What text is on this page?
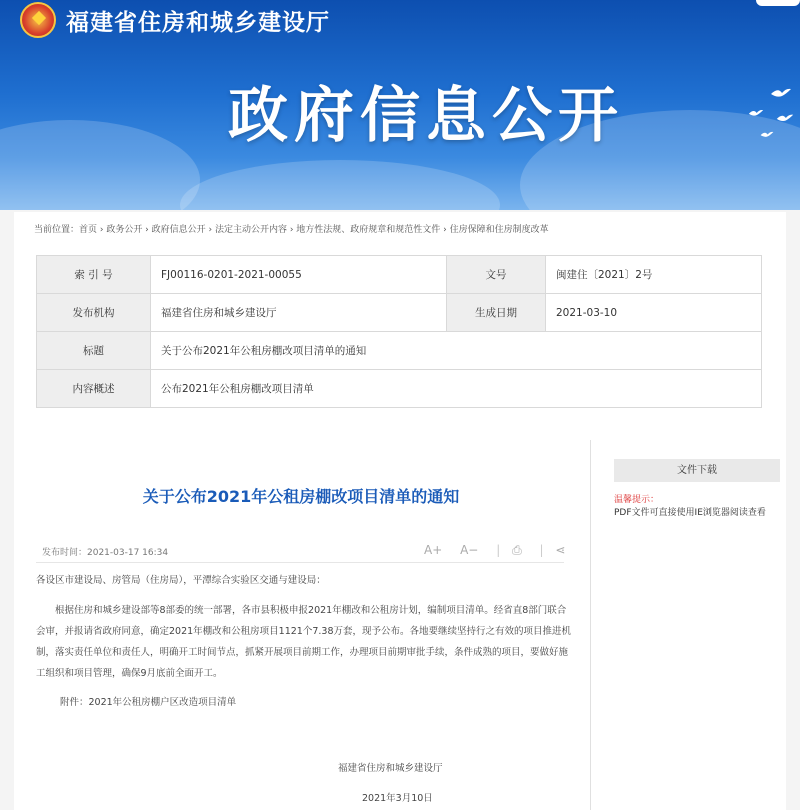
福建省住房和城乡建设厅
政府信息公开
当前位置：首页 › 政务公开 › 政府信息公开 › 法定主动公开内容 › 地方性法规、政府规章和规范性文件 › 住房保障和住房制度改革
索 引 号	FJ00116-0201-2021-00055	文号	闽建住〔2021〕2号
发布机构	福建省住房和城乡建设厅	生成日期	2021-03-10
标题	关于公布2021年公租房棚改项目清单的通知		
内容概述	公布2021年公租房棚改项目清单		
关于公布2021年公租房棚改项目清单的通知
发布时间：2021-03-17 16:34	A+ A− | ⎙ | ⋖
各设区市建设局、房管局（住房局），平潭综合实验区交通与建设局：
根据住房和城乡建设部等8部委的统一部署，各市县积极申报2021年棚改和公租房计划，编制项目清单。经省直8部门联合会审，并报请省政府同意，确定2021年棚改和公租房项目1121个7.38万套，现予公布。各地要继续坚持行之有效的项目推进机制，落实责任单位和责任人，明确开工时间节点，抓紧开展项目前期工作，办理项目前期审批手续，条件成熟的项目，要做好施工组织和项目管理，确保9月底前全面开工。
附件：2021年公租房棚户区改造项目清单
福建省住房和城乡建设厅
2021年3月10日
文件下载
温馨提示：
PDF文件可直接使用IE浏览器阅读查看
